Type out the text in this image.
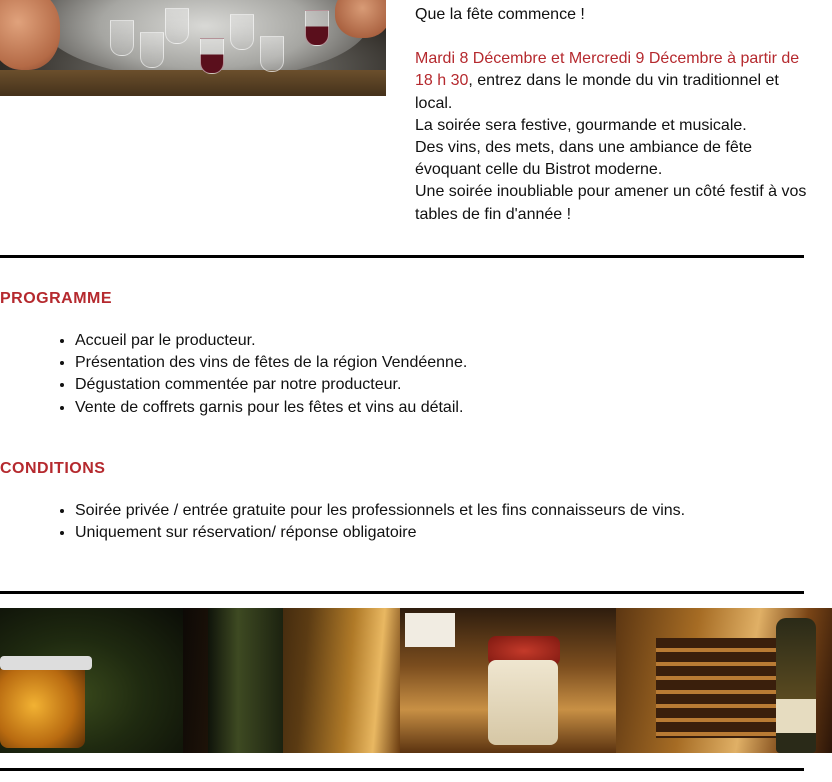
Que la fête commence !

Mardi 8 Décembre et Mercredi 9 Décembre à partir de 18 h 30, entrez dans le monde du vin traditionnel et local.

La soirée sera festive, gourmande et musicale.

Des vins, des mets, dans une ambiance de fête évoquant celle du Bistrot moderne.

Une soirée inoubliable pour amener un côté festif à vos tables de fin d'année !

PROGRAMME
• Accueil par le producteur.
• Présentation des vins de fêtes de la région Vendéenne.
• Dégustation commentée par notre producteur.
• Vente de coffrets garnis pour les fêtes et vins au détail.
CONDITIONS
• Soirée privée / entrée gratuite pour les professionnels et les fins connaisseurs de vins.
• Uniquement sur réservation/ réponse obligatoire
